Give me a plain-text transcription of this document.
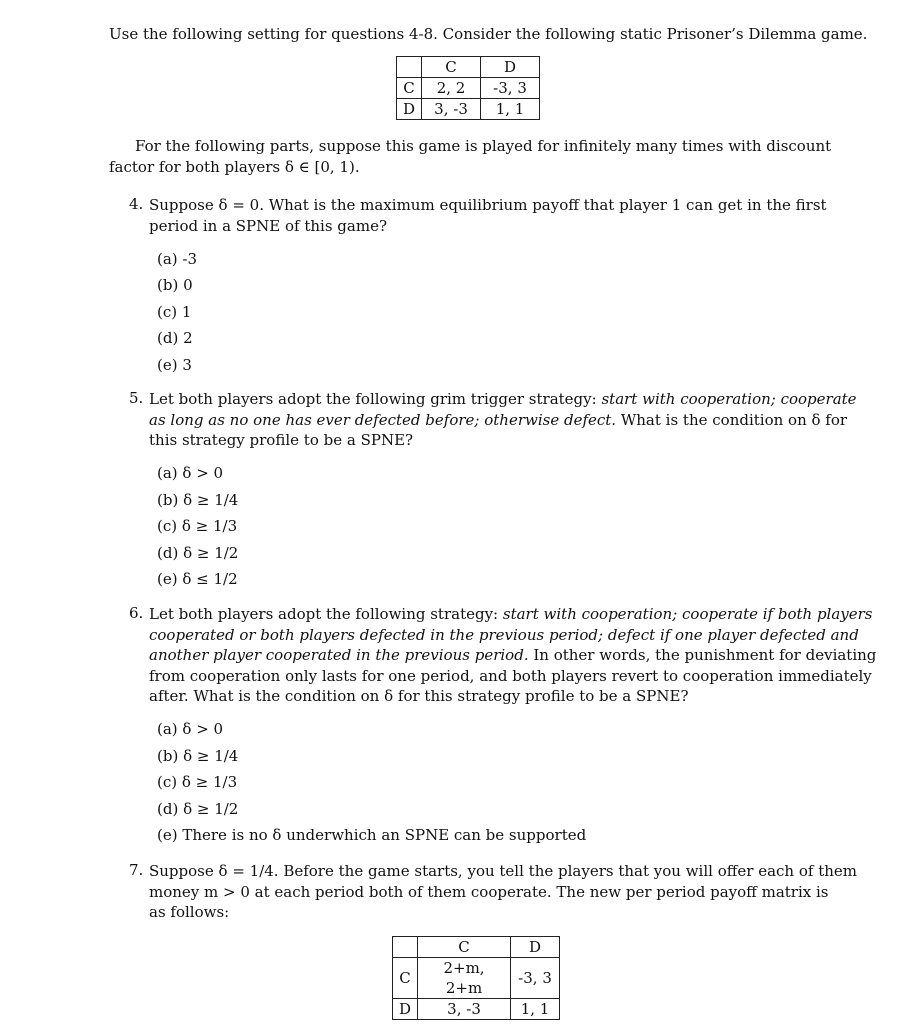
Use the following setting for questions 4-8. Consider the following static Prisoner’s Dilemma game.
	C	D
C	2, 2	-3, 3
D	3, -3	1, 1

For the following parts, suppose this game is played for infinitely many times with discount

factor for both players δ ∈ [0, 1).

4. Suppose δ = 0. What is the maximum equilibrium payoff that player 1 can get in the first

period in a SPNE of this game?

(a) -3
(b) 0
(c) 1
(d) 2
(e) 3
5. Let both players adopt the following grim trigger strategy: start with cooperation; cooperate

as long as no one has ever defected before; otherwise defect. What is the condition on δ for

this strategy profile to be a SPNE?

(a) δ > 0
(b) δ ≥ 1/4
(c) δ ≥ 1/3
(d) δ ≥ 1/2
(e) δ ≤ 1/2
6. Let both players adopt the following strategy: start with cooperation; cooperate if both players

cooperated or both players defected in the previous period; defect if one player defected and

another player cooperated in the previous period. In other words, the punishment for deviating

from cooperation only lasts for one period, and both players revert to cooperation immediately

after. What is the condition on δ for this strategy profile to be a SPNE?

(a) δ > 0
(b) δ ≥ 1/4
(c) δ ≥ 1/3
(d) δ ≥ 1/2
(e) There is no δ underwhich an SPNE can be supported
7. Suppose δ = 1/4. Before the game starts, you tell the players that you will offer each of them

money m > 0 at each period both of them cooperate. The new per period payoff matrix is

as follows:

	C	D
C	2+m, 2+m	-3, 3
D	3, -3	1, 1
